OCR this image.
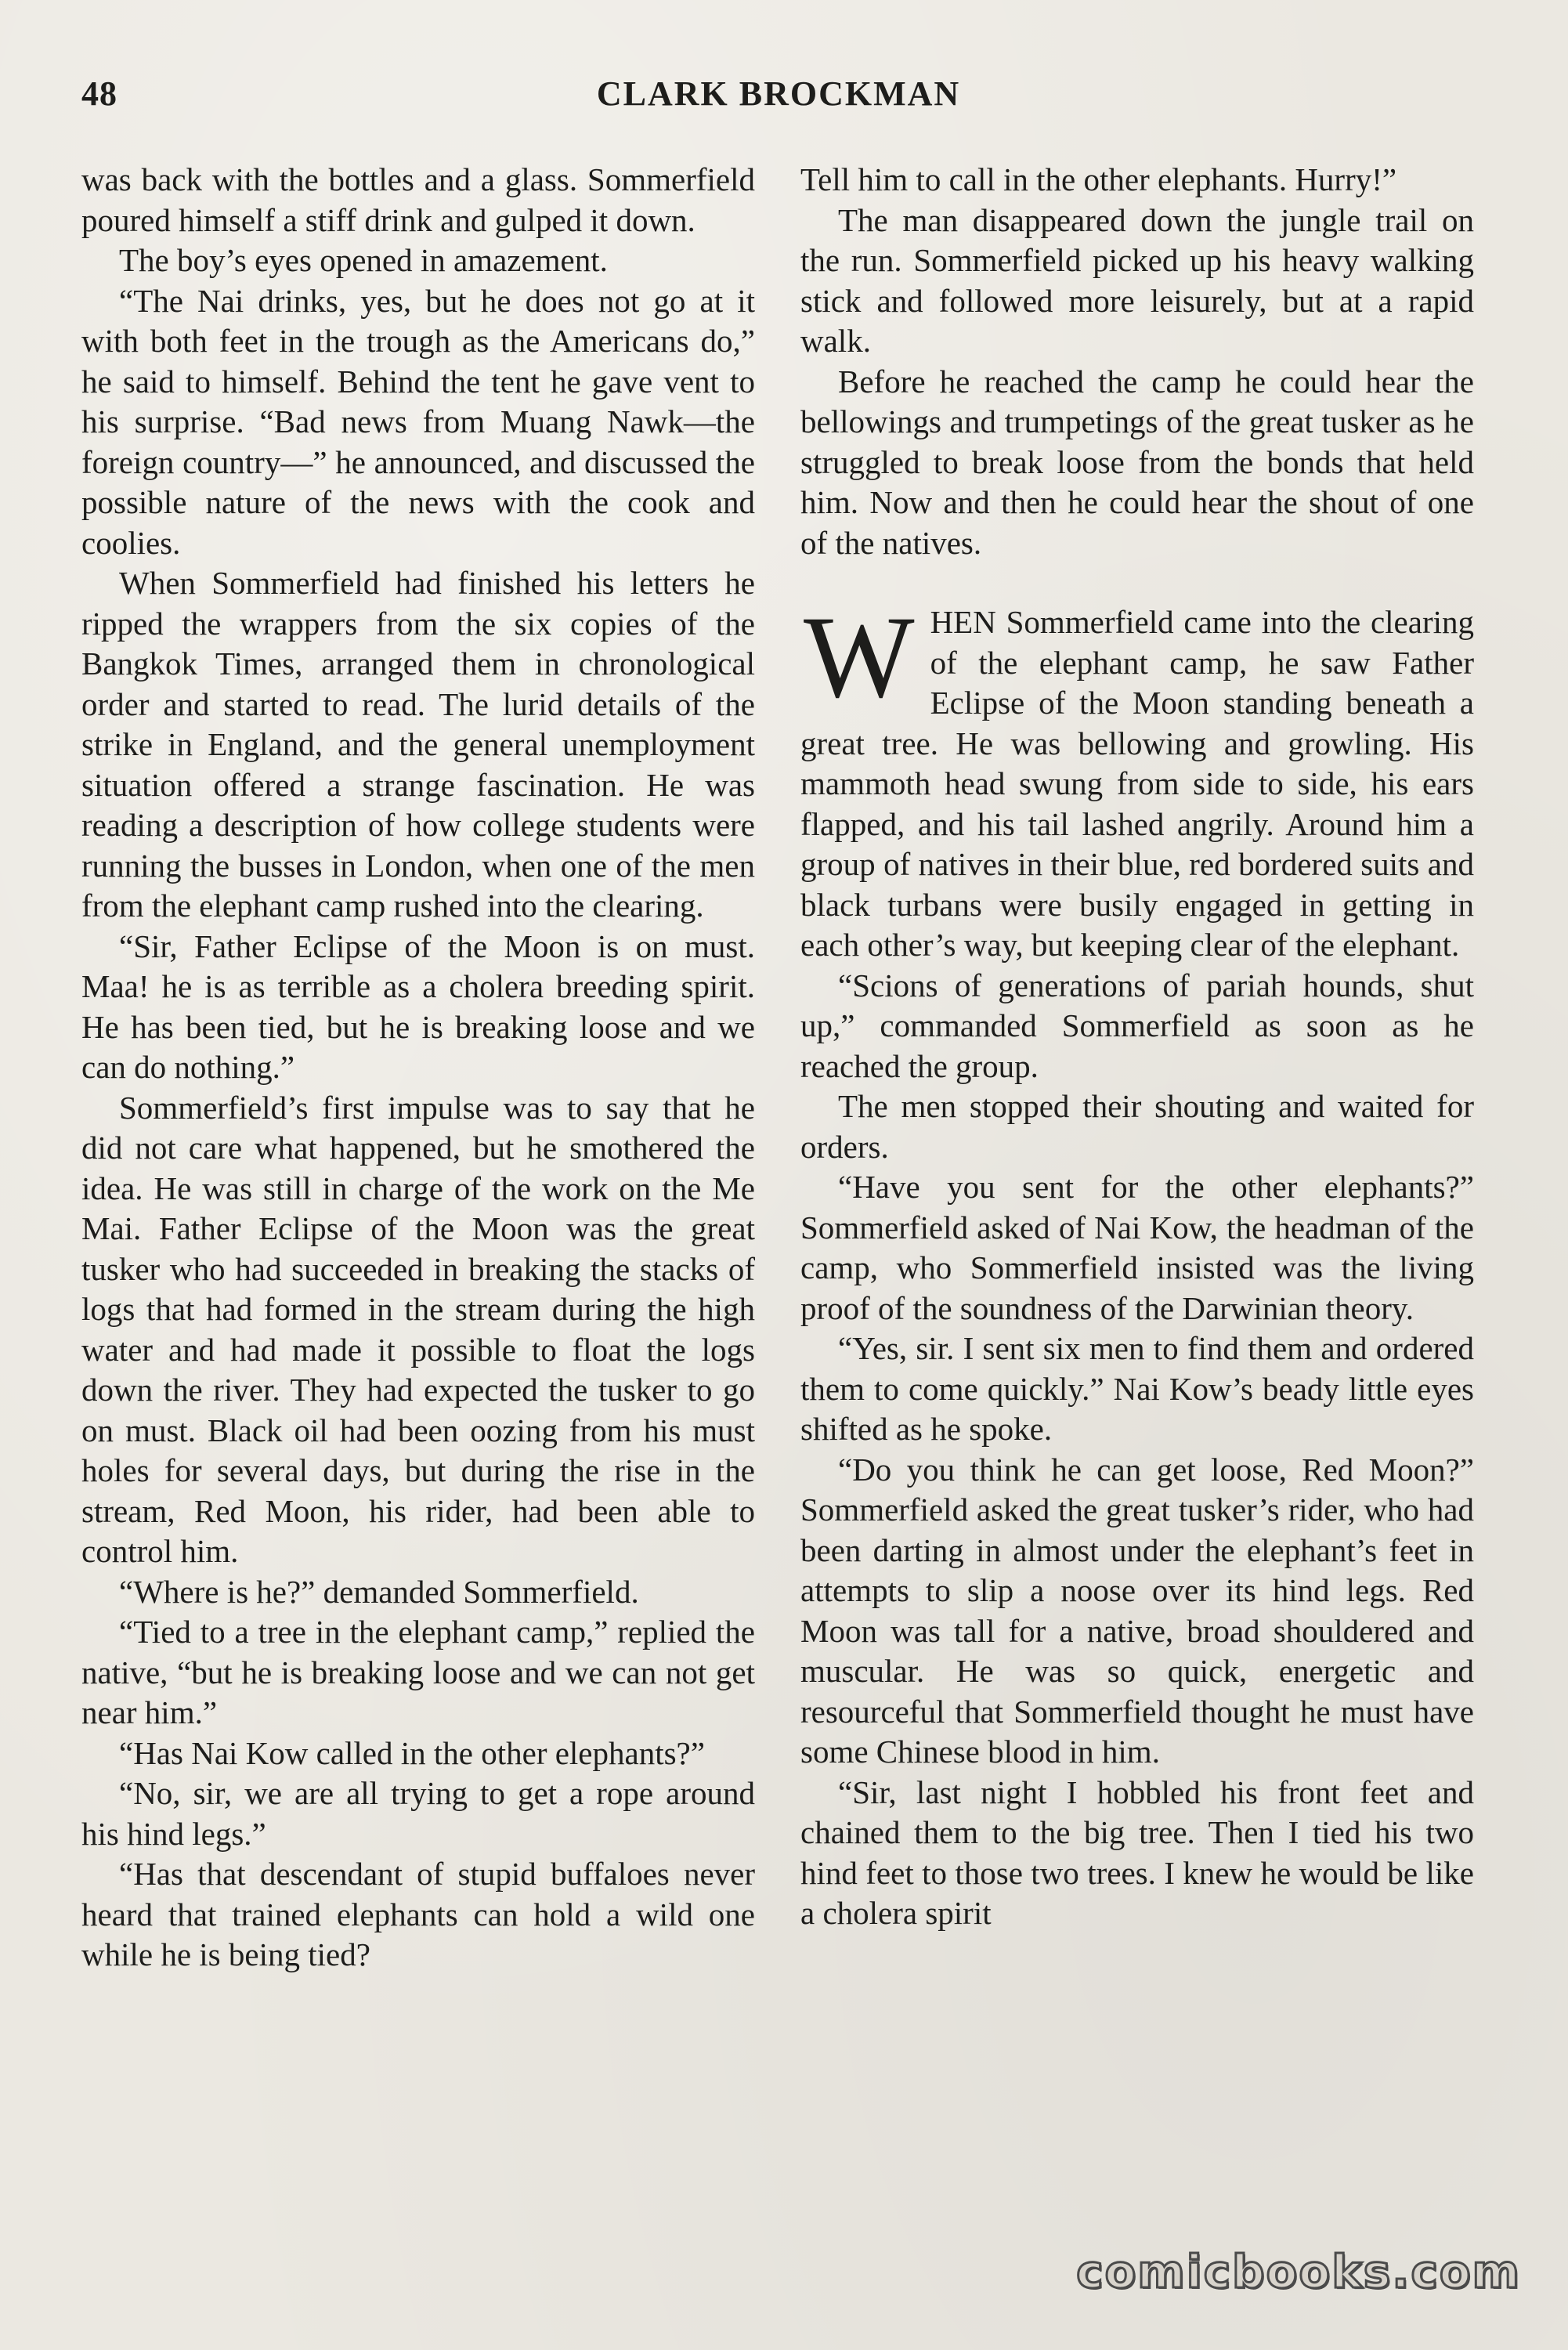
48	CLARK BROCKMAN

was back with the bottles and a glass. Sommerfield poured himself a stiff drink and gulped it down.

The boy’s eyes opened in amazement.

“The Nai drinks, yes, but he does not go at it with both feet in the trough as the Americans do,” he said to himself. Behind the tent he gave vent to his surprise. “Bad news from Muang Nawk—the foreign country—” he announced, and discussed the possible nature of the news with the cook and coolies.

When Sommerfield had finished his letters he ripped the wrappers from the six copies of the Bangkok Times, arranged them in chronological order and started to read. The lurid details of the strike in England, and the general unemployment situation offered a strange fascination. He was reading a description of how college students were running the busses in London, when one of the men from the elephant camp rushed into the clearing.

“Sir, Father Eclipse of the Moon is on must. Maa! he is as terrible as a cholera breeding spirit. He has been tied, but he is breaking loose and we can do nothing.”

Sommerfield’s first impulse was to say that he did not care what happened, but he smothered the idea. He was still in charge of the work on the Me Mai. Father Eclipse of the Moon was the great tusker who had succeeded in breaking the stacks of logs that had formed in the stream during the high water and had made it possible to float the logs down the river. They had expected the tusker to go on must. Black oil had been oozing from his must holes for several days, but during the rise in the stream, Red Moon, his rider, had been able to control him.

“Where is he?” demanded Sommerfield.

“Tied to a tree in the elephant camp,” replied the native, “but he is breaking loose and we can not get near him.”

“Has Nai Kow called in the other elephants?”

“No, sir, we are all trying to get a rope around his hind legs.”

“Has that descendant of stupid buffaloes never heard that trained elephants can hold a wild one while he is being tied?

Tell him to call in the other elephants. Hurry!”

The man disappeared down the jungle trail on the run. Sommerfield picked up his heavy walking stick and followed more leisurely, but at a rapid walk.

Before he reached the camp he could hear the bellowings and trumpetings of the great tusker as he struggled to break loose from the bonds that held him. Now and then he could hear the shout of one of the natives.

WHEN Sommerfield came into the clearing of the elephant camp, he saw Father Eclipse of the Moon standing beneath a great tree. He was bellowing and growling. His mammoth head swung from side to side, his ears flapped, and his tail lashed angrily. Around him a group of natives in their blue, red bordered suits and black turbans were busily engaged in getting in each other’s way, but keeping clear of the elephant.

“Scions of generations of pariah hounds, shut up,” commanded Sommerfield as soon as he reached the group.

The men stopped their shouting and waited for orders.

“Have you sent for the other elephants?” Sommerfield asked of Nai Kow, the headman of the camp, who Sommerfield insisted was the living proof of the soundness of the Darwinian theory.

“Yes, sir. I sent six men to find them and ordered them to come quickly.” Nai Kow’s beady little eyes shifted as he spoke.

“Do you think he can get loose, Red Moon?” Sommerfield asked the great tusker’s rider, who had been darting in almost under the elephant’s feet in attempts to slip a noose over its hind legs. Red Moon was tall for a native, broad shouldered and muscular. He was so quick, energetic and resourceful that Sommerfield thought he must have some Chinese blood in him.

“Sir, last night I hobbled his front feet and chained them to the big tree. Then I tied his two hind feet to those two trees. I knew he would be like a cholera spirit

comicbooks.com
